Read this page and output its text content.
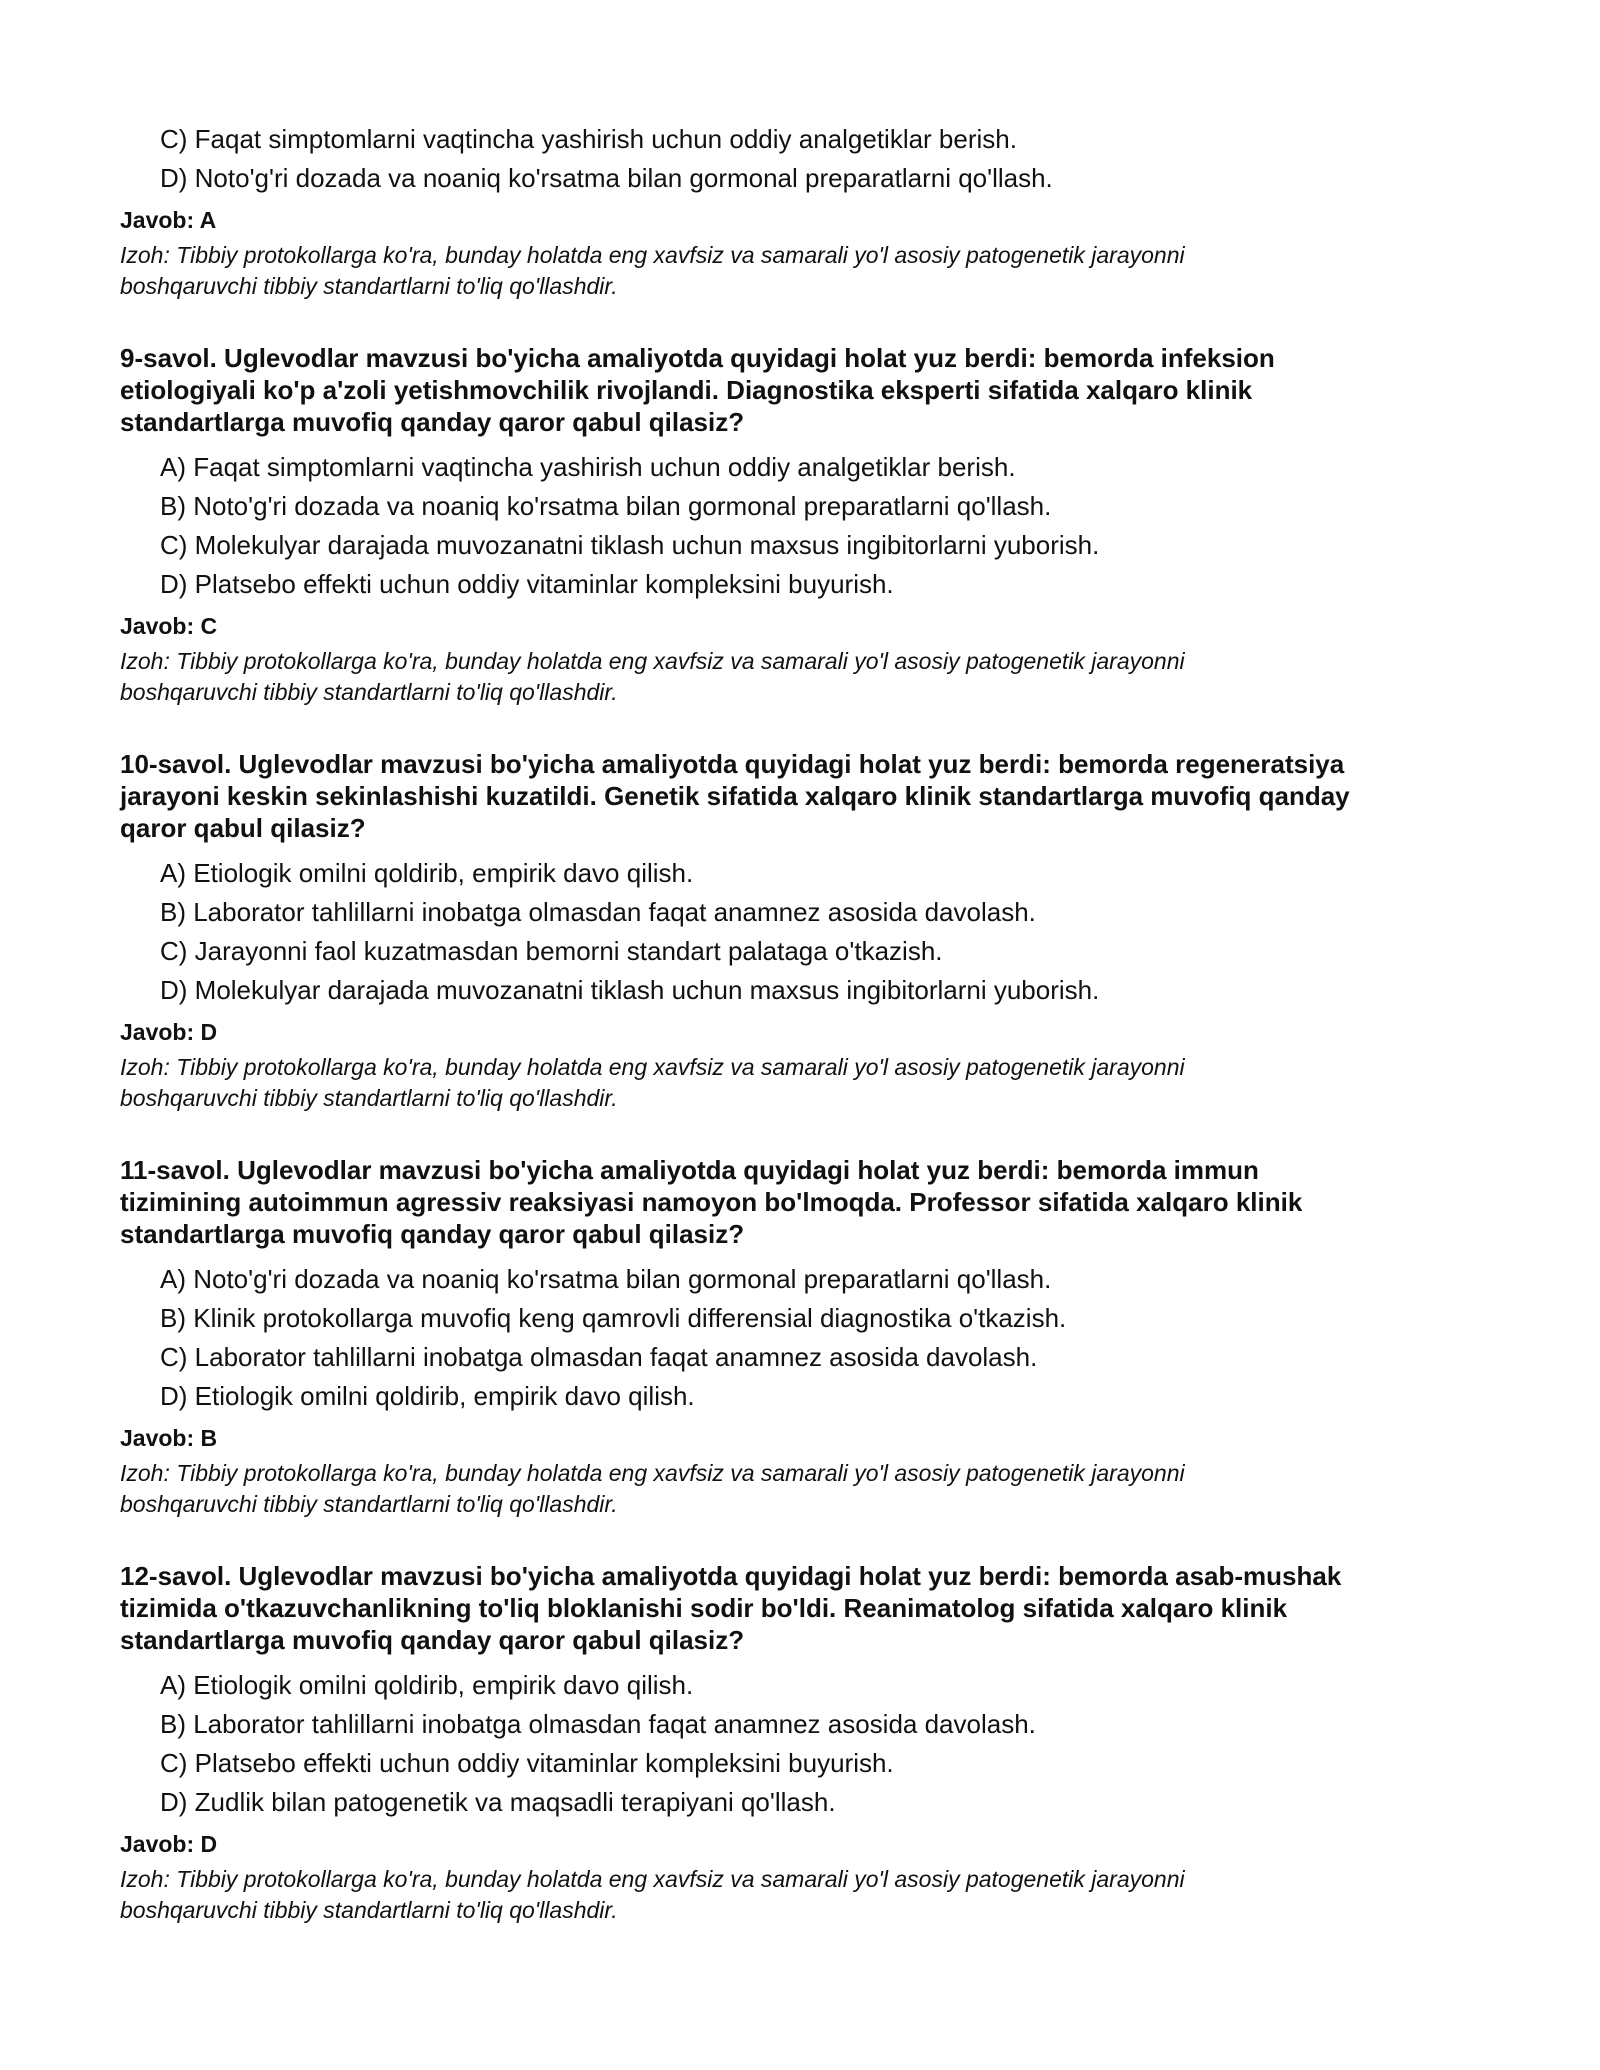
C) Faqat simptomlarni vaqtincha yashirish uchun oddiy analgetiklar berish.
D) Noto'g'ri dozada va noaniq ko'rsatma bilan gormonal preparatlarni qo'llash.
Javob: A
Izoh: Tibbiy protokollarga ko'ra, bunday holatda eng xavfsiz va samarali yo'l asosiy patogenetik jarayonni
boshqaruvchi tibbiy standartlarni to'liq qo'llashdir.
9-savol. Uglevodlar mavzusi bo'yicha amaliyotda quyidagi holat yuz berdi: bemorda infeksion
etiologiyali ko'p a'zoli yetishmovchilik rivojlandi. Diagnostika eksperti sifatida xalqaro klinik
standartlarga muvofiq qanday qaror qabul qilasiz?
A) Faqat simptomlarni vaqtincha yashirish uchun oddiy analgetiklar berish.
B) Noto'g'ri dozada va noaniq ko'rsatma bilan gormonal preparatlarni qo'llash.
C) Molekulyar darajada muvozanatni tiklash uchun maxsus ingibitorlarni yuborish.
D) Platsebo effekti uchun oddiy vitaminlar kompleksini buyurish.
Javob: C
Izoh: Tibbiy protokollarga ko'ra, bunday holatda eng xavfsiz va samarali yo'l asosiy patogenetik jarayonni
boshqaruvchi tibbiy standartlarni to'liq qo'llashdir.
10-savol. Uglevodlar mavzusi bo'yicha amaliyotda quyidagi holat yuz berdi: bemorda regeneratsiya
jarayoni keskin sekinlashishi kuzatildi. Genetik sifatida xalqaro klinik standartlarga muvofiq qanday
qaror qabul qilasiz?
A) Etiologik omilni qoldirib, empirik davo qilish.
B) Laborator tahlillarni inobatga olmasdan faqat anamnez asosida davolash.
C) Jarayonni faol kuzatmasdan bemorni standart palataga o'tkazish.
D) Molekulyar darajada muvozanatni tiklash uchun maxsus ingibitorlarni yuborish.
Javob: D
Izoh: Tibbiy protokollarga ko'ra, bunday holatda eng xavfsiz va samarali yo'l asosiy patogenetik jarayonni
boshqaruvchi tibbiy standartlarni to'liq qo'llashdir.
11-savol. Uglevodlar mavzusi bo'yicha amaliyotda quyidagi holat yuz berdi: bemorda immun
tizimining autoimmun agressiv reaksiyasi namoyon bo'lmoqda. Professor sifatida xalqaro klinik
standartlarga muvofiq qanday qaror qabul qilasiz?
A) Noto'g'ri dozada va noaniq ko'rsatma bilan gormonal preparatlarni qo'llash.
B) Klinik protokollarga muvofiq keng qamrovli differensial diagnostika o'tkazish.
C) Laborator tahlillarni inobatga olmasdan faqat anamnez asosida davolash.
D) Etiologik omilni qoldirib, empirik davo qilish.
Javob: B
Izoh: Tibbiy protokollarga ko'ra, bunday holatda eng xavfsiz va samarali yo'l asosiy patogenetik jarayonni
boshqaruvchi tibbiy standartlarni to'liq qo'llashdir.
12-savol. Uglevodlar mavzusi bo'yicha amaliyotda quyidagi holat yuz berdi: bemorda asab-mushak
tizimida o'tkazuvchanlikning to'liq bloklanishi sodir bo'ldi. Reanimatolog sifatida xalqaro klinik
standartlarga muvofiq qanday qaror qabul qilasiz?
A) Etiologik omilni qoldirib, empirik davo qilish.
B) Laborator tahlillarni inobatga olmasdan faqat anamnez asosida davolash.
C) Platsebo effekti uchun oddiy vitaminlar kompleksini buyurish.
D) Zudlik bilan patogenetik va maqsadli terapiyani qo'llash.
Javob: D
Izoh: Tibbiy protokollarga ko'ra, bunday holatda eng xavfsiz va samarali yo'l asosiy patogenetik jarayonni
boshqaruvchi tibbiy standartlarni to'liq qo'llashdir.
